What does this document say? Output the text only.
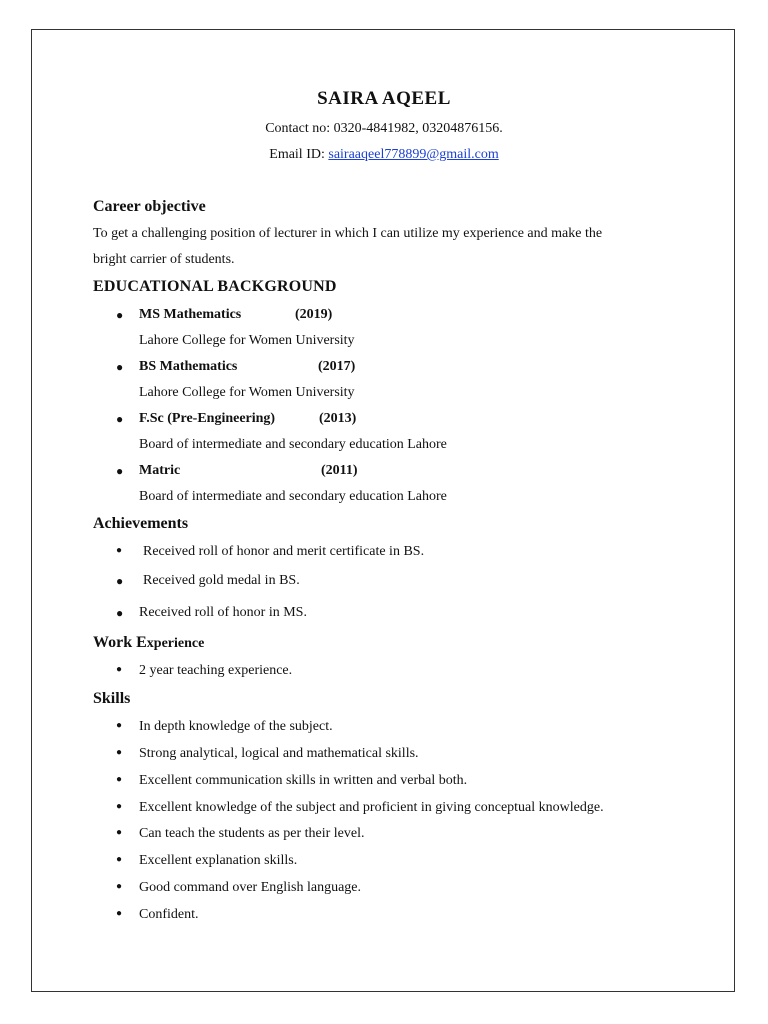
SAIRA AQEEL
Contact no: 0320-4841982, 03204876156.
Email ID: sairaaqeel778899@gmail.com
Career objective
To get a challenging position of lecturer in which I can utilize my experience and make the
bright carrier of students.
EDUCATIONAL BACKGROUND
● MS Mathematics	(2019)
Lahore College for Women University
● BS Mathematics	(2017)
Lahore College for Women University
● F.Sc (Pre-Engineering)	(2013)
Board of intermediate and secondary education Lahore
● Matric	(2011)
Board of intermediate and secondary education Lahore
Achievements
● Received roll of honor and merit certificate in BS.
● Received gold medal in BS.
● Received roll of honor in MS.
Work Experience
● 2 year teaching experience.
Skills
● In depth knowledge of the subject.
● Strong analytical, logical and mathematical skills.
● Excellent communication skills in written and verbal both.
● Excellent knowledge of the subject and proficient in giving conceptual knowledge.
● Can teach the students as per their level.
● Excellent explanation skills.
● Good command over English language.
● Confident.
